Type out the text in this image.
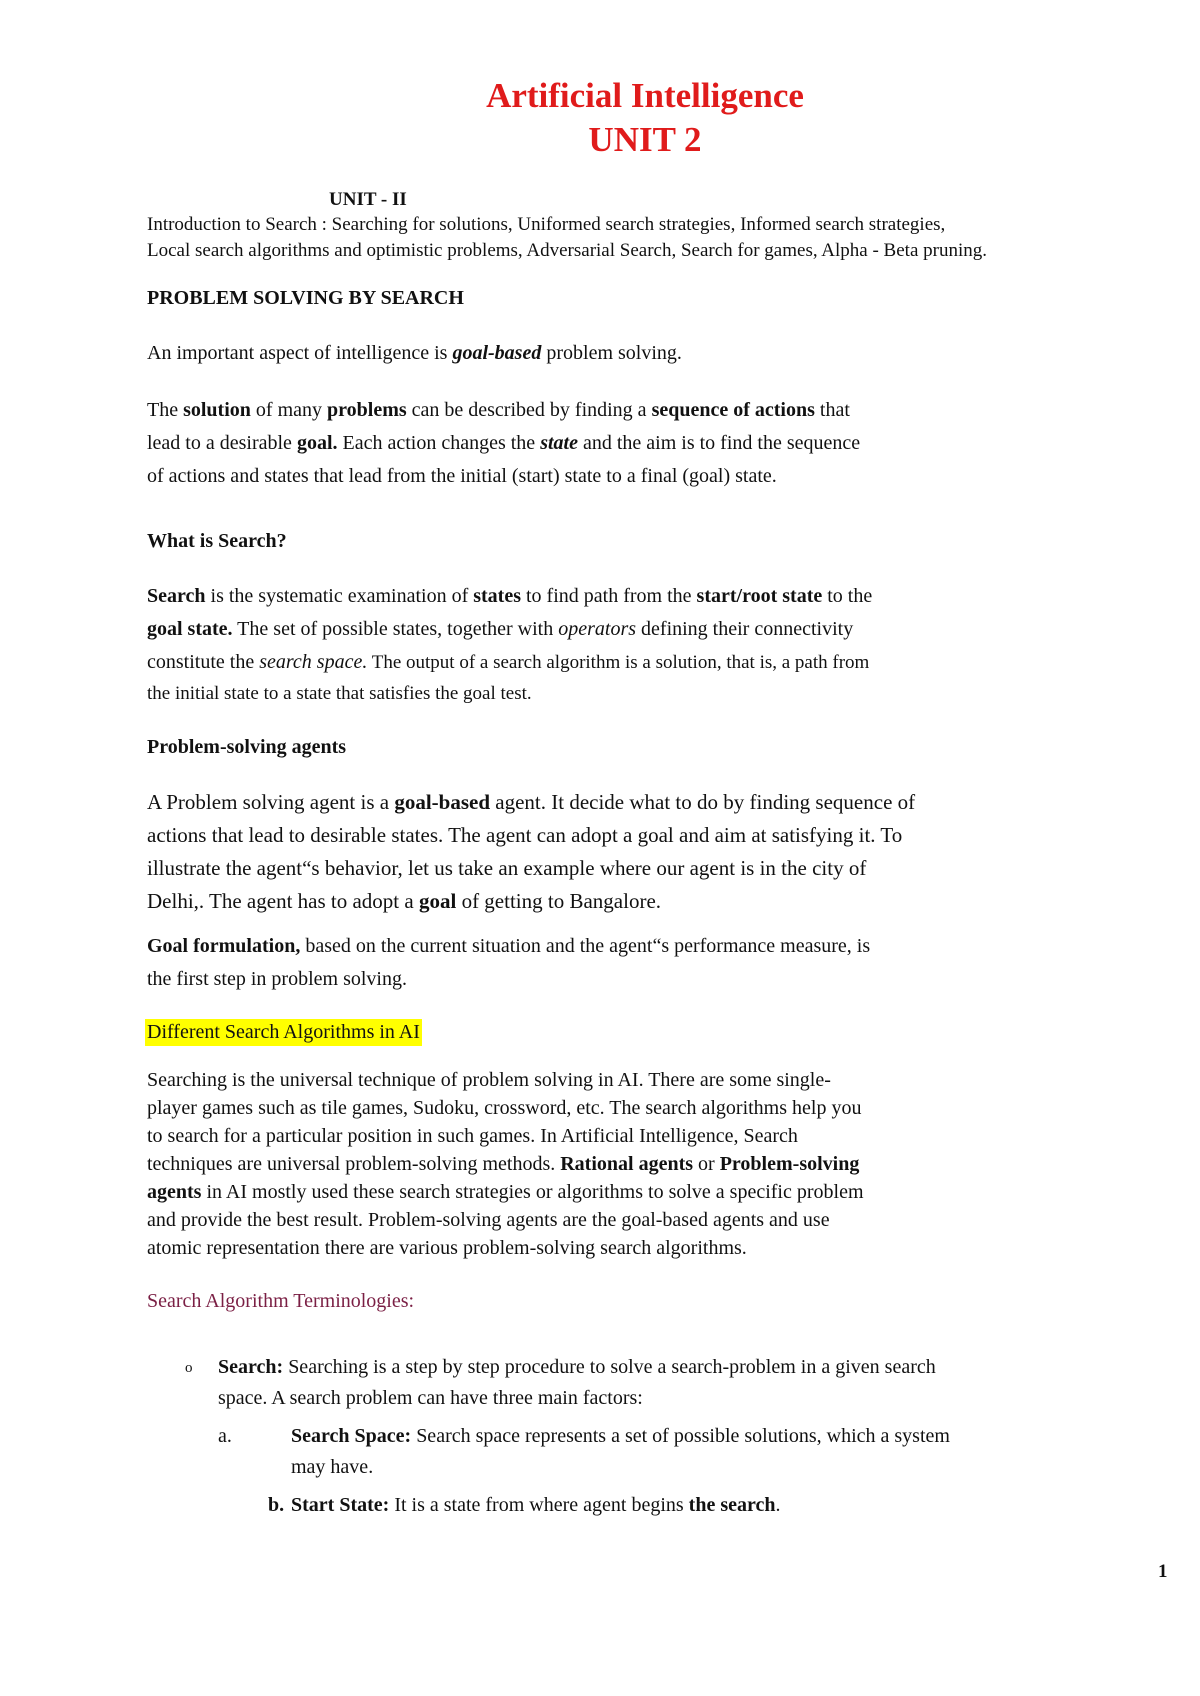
Artificial Intelligence
UNIT 2
UNIT - II
Introduction to Search : Searching for solutions, Uniformed search strategies, Informed search strategies,
Local search algorithms and optimistic problems, Adversarial Search, Search for games, Alpha - Beta pruning.
PROBLEM SOLVING BY SEARCH
An important aspect of intelligence is goal-based problem solving.
The solution of many problems can be described by finding a sequence of actions that
lead to a desirable goal. Each action changes the state and the aim is to find the sequence
of actions and states that lead from the initial (start) state to a final (goal) state.
What is Search?
Search is the systematic examination of states to find path from the start/root state to the
goal state. The set of possible states, together with operators defining their connectivity
constitute the search space. The output of a search algorithm is a solution, that is, a path from
the initial state to a state that satisfies the goal test.
Problem-solving agents
A Problem solving agent is a goal-based agent. It decide what to do by finding sequence of
actions that lead to desirable states. The agent can adopt a goal and aim at satisfying it. To
illustrate the agent“s behavior, let us take an example where our agent is in the city of
Delhi,. The agent has to adopt a goal of getting to Bangalore.
Goal formulation, based on the current situation and the agent“s performance measure, is
the first step in problem solving.
Different Search Algorithms in AI
Searching is the universal technique of problem solving in AI. There are some single-
player games such as tile games, Sudoku, crossword, etc. The search algorithms help you
to search for a particular position in such games. In Artificial Intelligence, Search
techniques are universal problem-solving methods. Rational agents or Problem-solving
agents in AI mostly used these search strategies or algorithms to solve a specific problem
and provide the best result. Problem-solving agents are the goal-based agents and use
atomic representation there are various problem-solving search algorithms.
Search Algorithm Terminologies:
o Search: Searching is a step by step procedure to solve a search-problem in a given search
space. A search problem can have three main factors:
a.	Search Space: Search space represents a set of possible solutions, which a system
may have.
b. Start State: It is a state from where agent begins the search.
1
